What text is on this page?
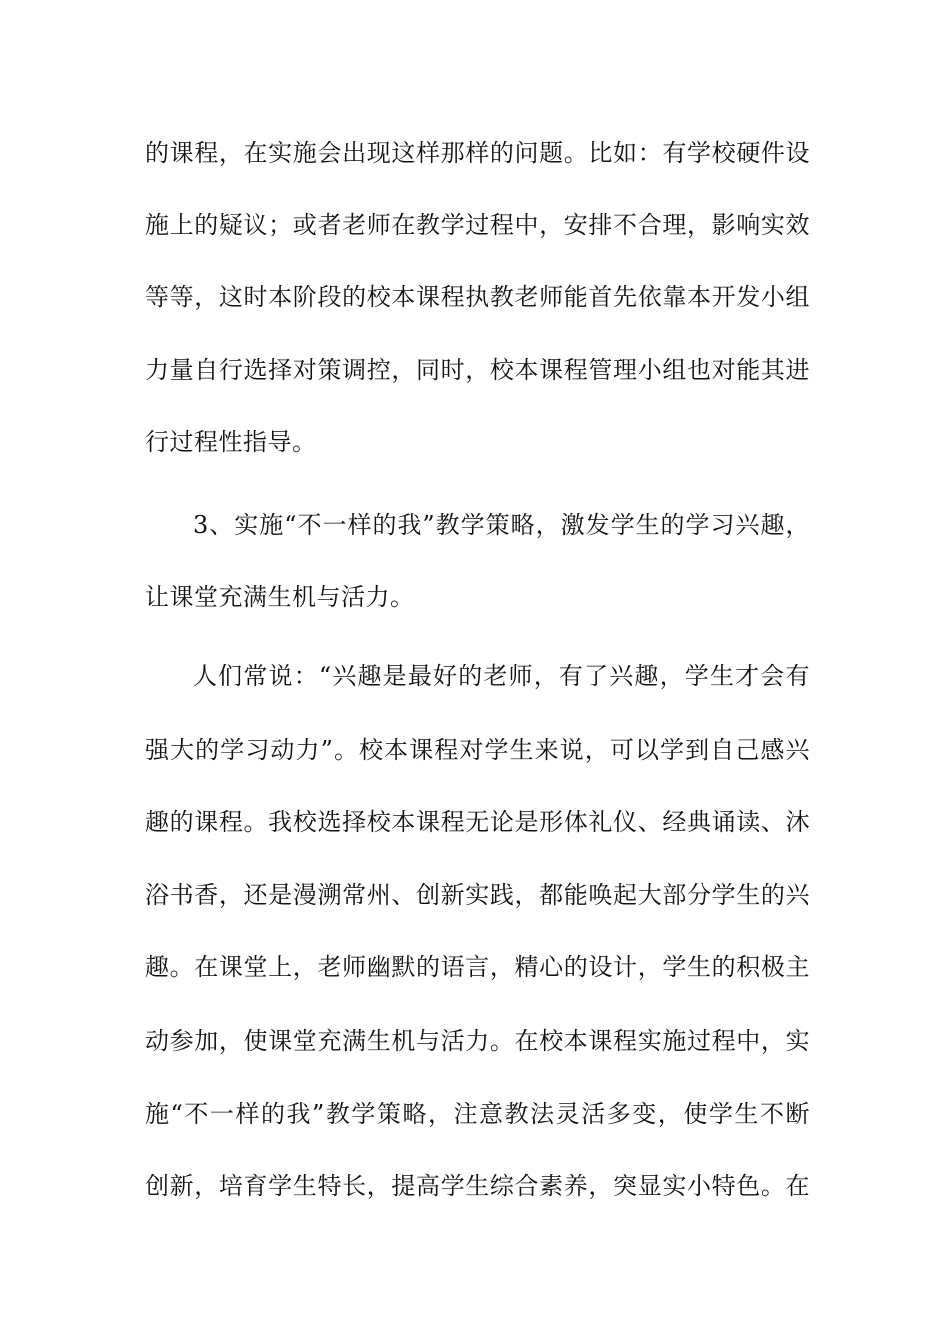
的课程，在实施会出现这样那样的问题。比如：有学校硬件设
施上的疑议；或者老师在教学过程中，安排不合理，影响实效
等等，这时本阶段的校本课程执教老师能首先依靠本开发小组
力量自行选择对策调控，同时，校本课程管理小组也对能其进
行过程性指导。
3、实施“不一样的我”教学策略，激发学生的学习兴趣，
让课堂充满生机与活力。
人们常说：“兴趣是最好的老师，有了兴趣，学生才会有
强大的学习动力”。校本课程对学生来说，可以学到自己感兴
趣的课程。我校选择校本课程无论是形体礼仪、经典诵读、沐
浴书香，还是漫溯常州、创新实践，都能唤起大部分学生的兴
趣。在课堂上，老师幽默的语言，精心的设计，学生的积极主
动参加，使课堂充满生机与活力。在校本课程实施过程中，实
施“不一样的我”教学策略，注意教法灵活多变，使学生不断
创新，培育学生特长，提高学生综合素养，突显实小特色。在
